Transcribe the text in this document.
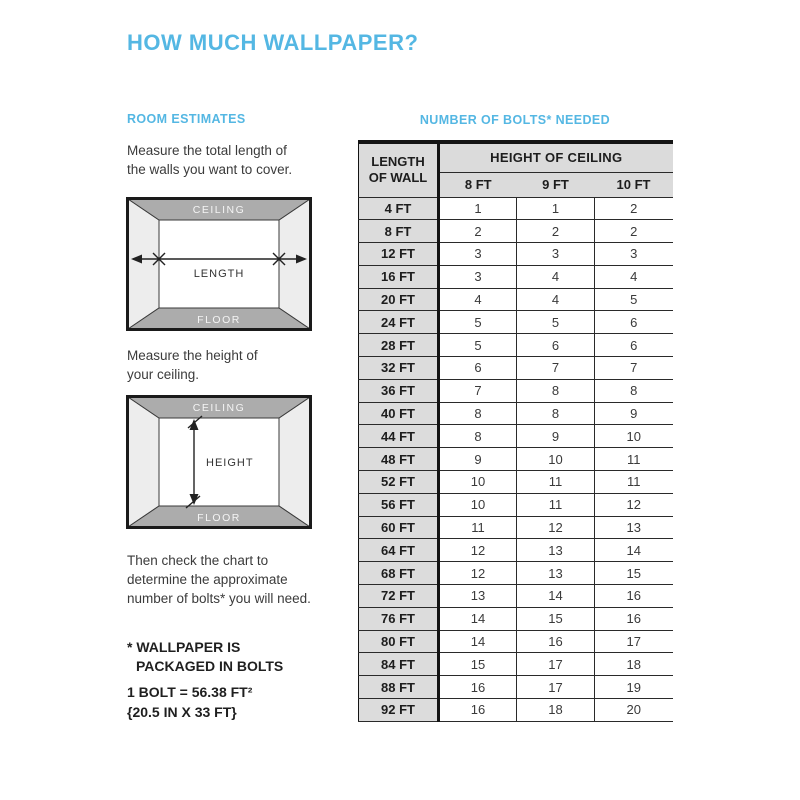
HOW MUCH WALLPAPER?
ROOM ESTIMATES

Measure the total length of
the walls you want to cover.

CEILING
FLOOR
LENGTH

Measure the height of
your ceiling.

CEILING
FLOOR
HEIGHT

Then check the chart to
determine the approximate
number of bolts* you will need.

* WALLPAPER IS
PACKAGED IN BOLTS
1 BOLT = 56.38 FT²
{20.5 IN X 33 FT}
NUMBER OF BOLTS* NEEDED
LENGTH
OF WALL	HEIGHT OF CEILING		
	8 FT	9 FT	10 FT
4 FT	1	1	2
8 FT	2	2	2
12 FT	3	3	3
16 FT	3	4	4
20 FT	4	4	5
24 FT	5	5	6
28 FT	5	6	6
32 FT	6	7	7
36 FT	7	8	8
40 FT	8	8	9
44 FT	8	9	10
48 FT	9	10	11
52 FT	10	11	11
56 FT	10	11	12
60 FT	11	12	13
64 FT	12	13	14
68 FT	12	13	15
72 FT	13	14	16
76 FT	14	15	16
80 FT	14	16	17
84 FT	15	17	18
88 FT	16	17	19
92 FT	16	18	20
